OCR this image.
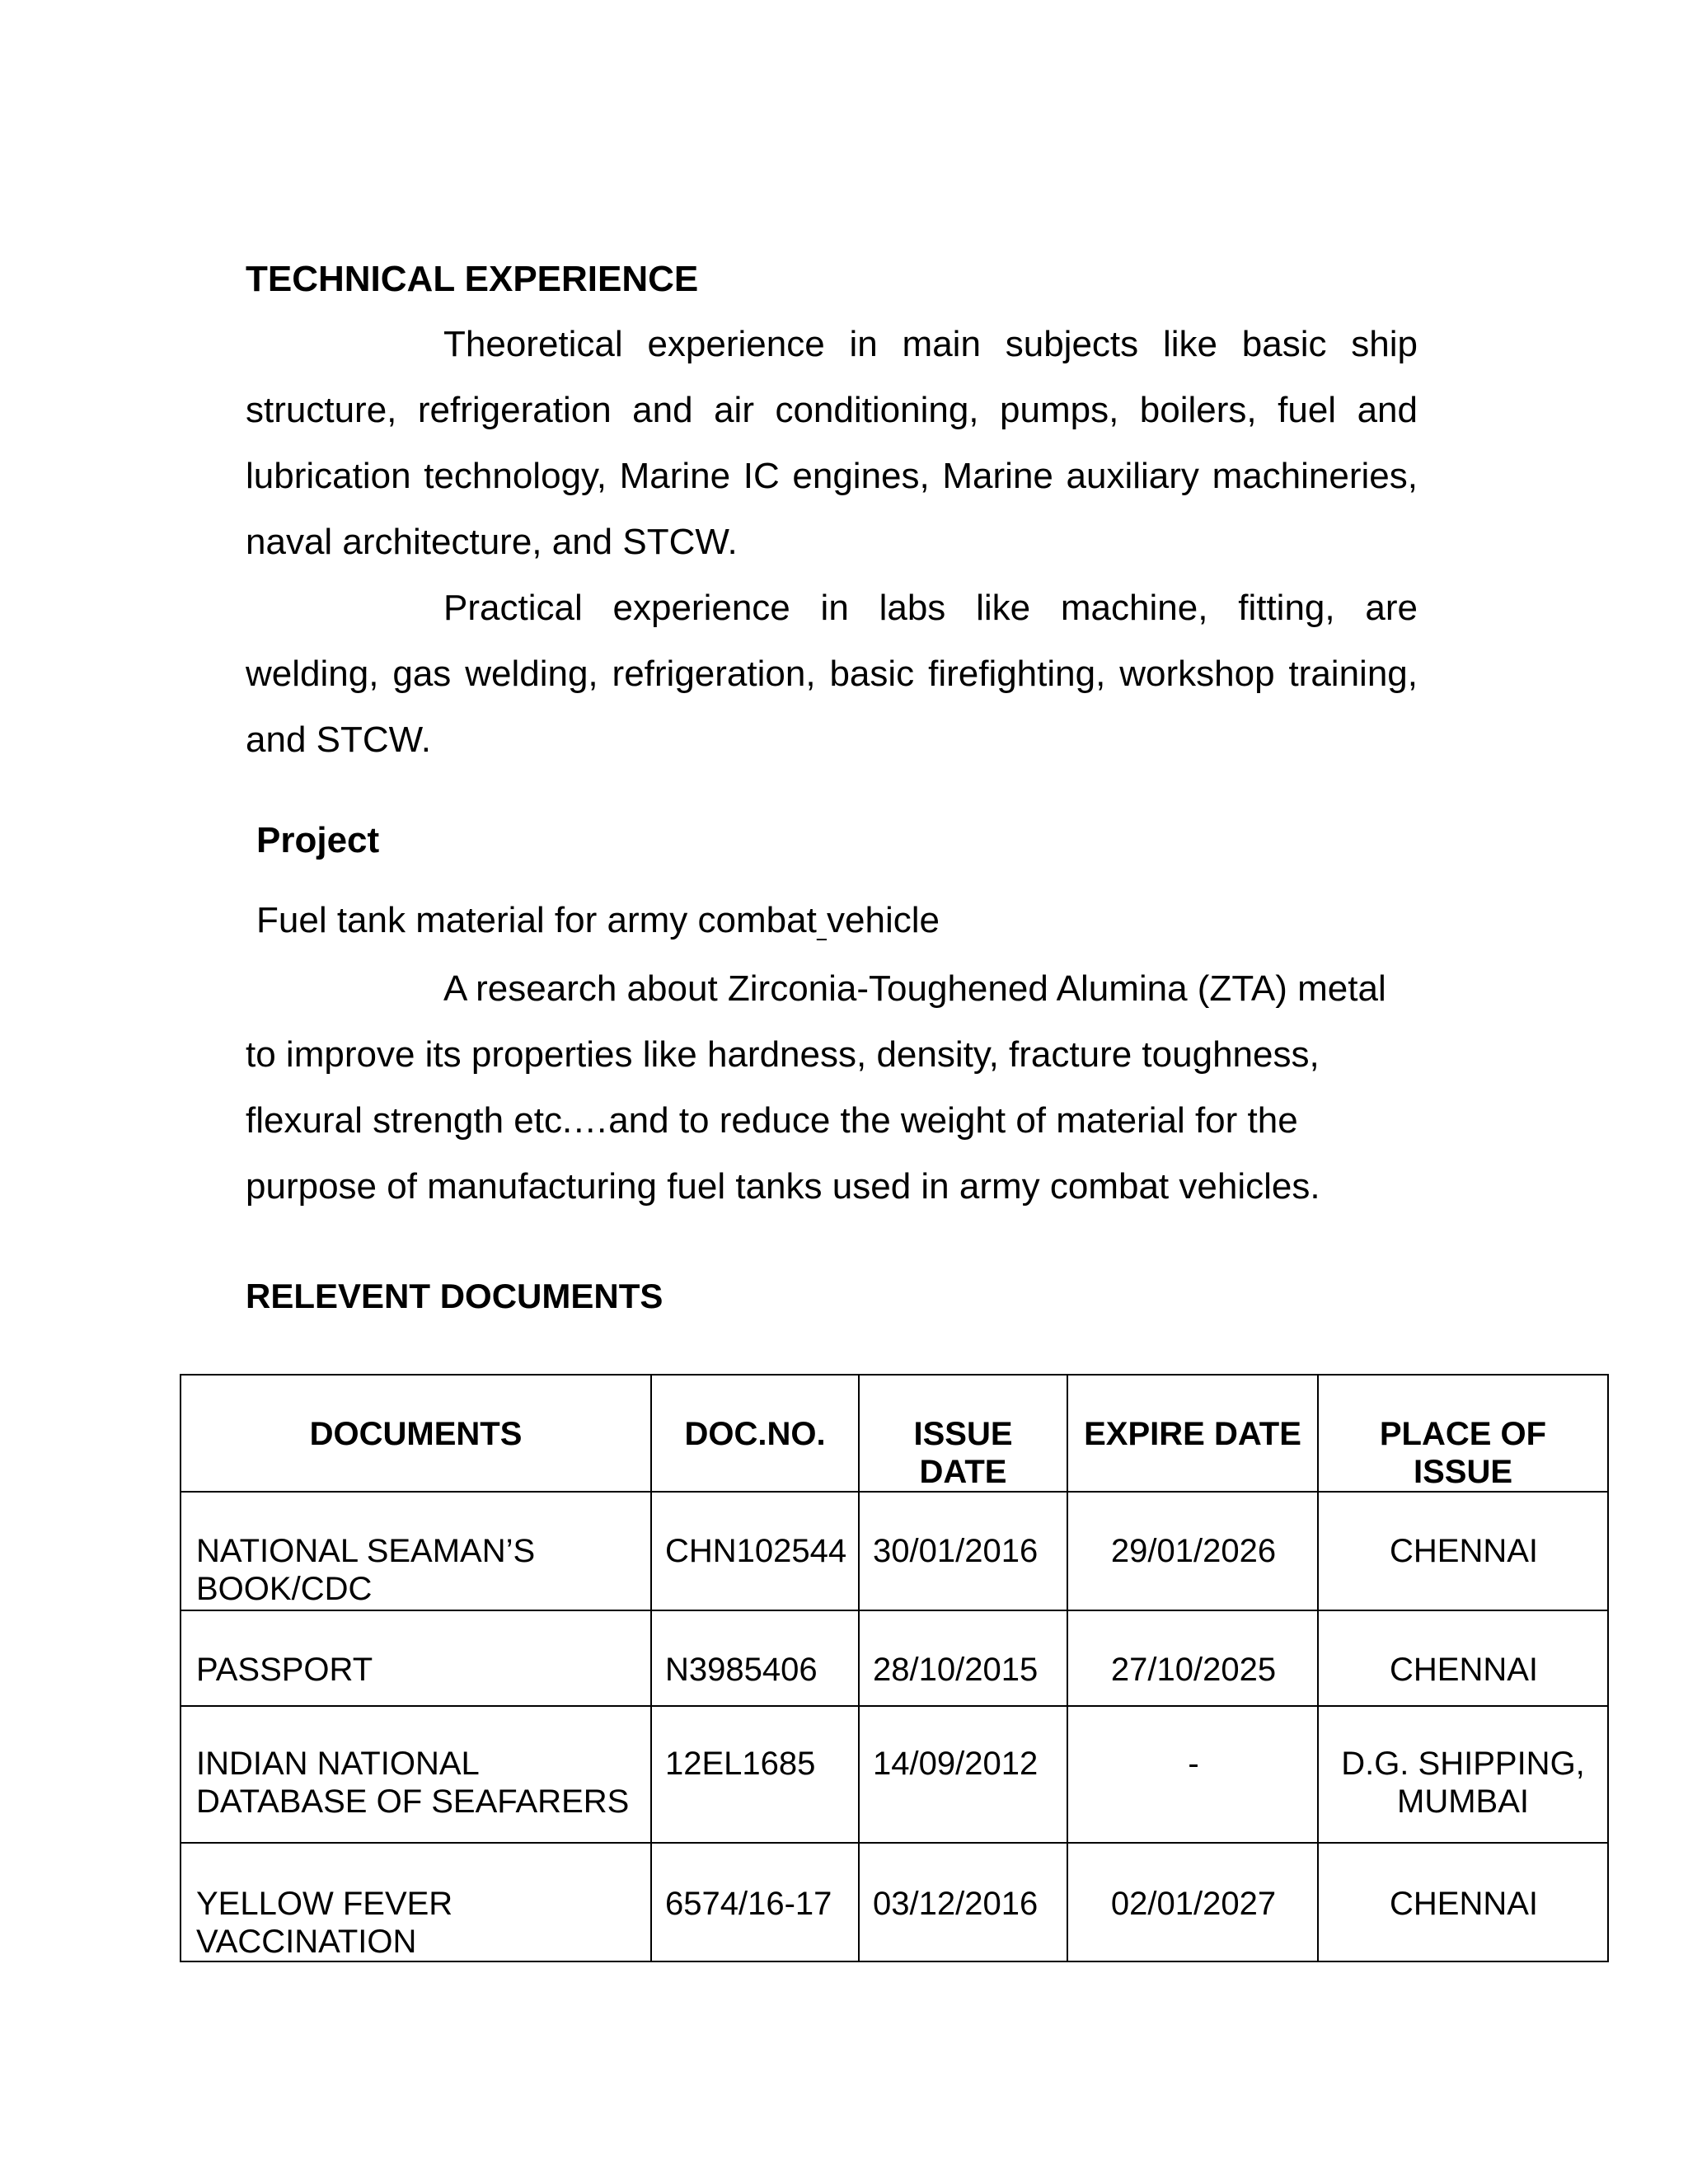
TECHNICAL EXPERIENCE

Theoretical experience in main subjects like basic ship structure, refrigeration and air conditioning, pumps, boilers, fuel and lubrication technology, Marine IC engines, Marine auxiliary machineries, naval architecture, and STCW.

Practical experience in labs like machine, fitting, are welding, gas welding, refrigeration, basic firefighting, workshop training, and STCW.

Project

Fuel tank material for army combat vehicle

A research about Zirconia-Toughened Alumina (ZTA) metal to improve its properties like hardness, density, fracture toughness, flexural strength etc.…and to reduce the weight of material for the purpose of manufacturing fuel tanks used in army combat vehicles.

RELEVENT DOCUMENTS
DOCUMENTS	DOC.NO.	ISSUE DATE	EXPIRE DATE	PLACE OF ISSUE
NATIONAL SEAMAN’S BOOK/CDC	CHN102544	30/01/2016	29/01/2026	CHENNAI
PASSPORT	N3985406	28/10/2015	27/10/2025	CHENNAI
INDIAN NATIONAL DATABASE OF SEAFARERS	12EL1685	14/09/2012	-	D.G. SHIPPING, MUMBAI
YELLOW FEVER VACCINATION	6574/16-17	03/12/2016	02/01/2027	CHENNAI
